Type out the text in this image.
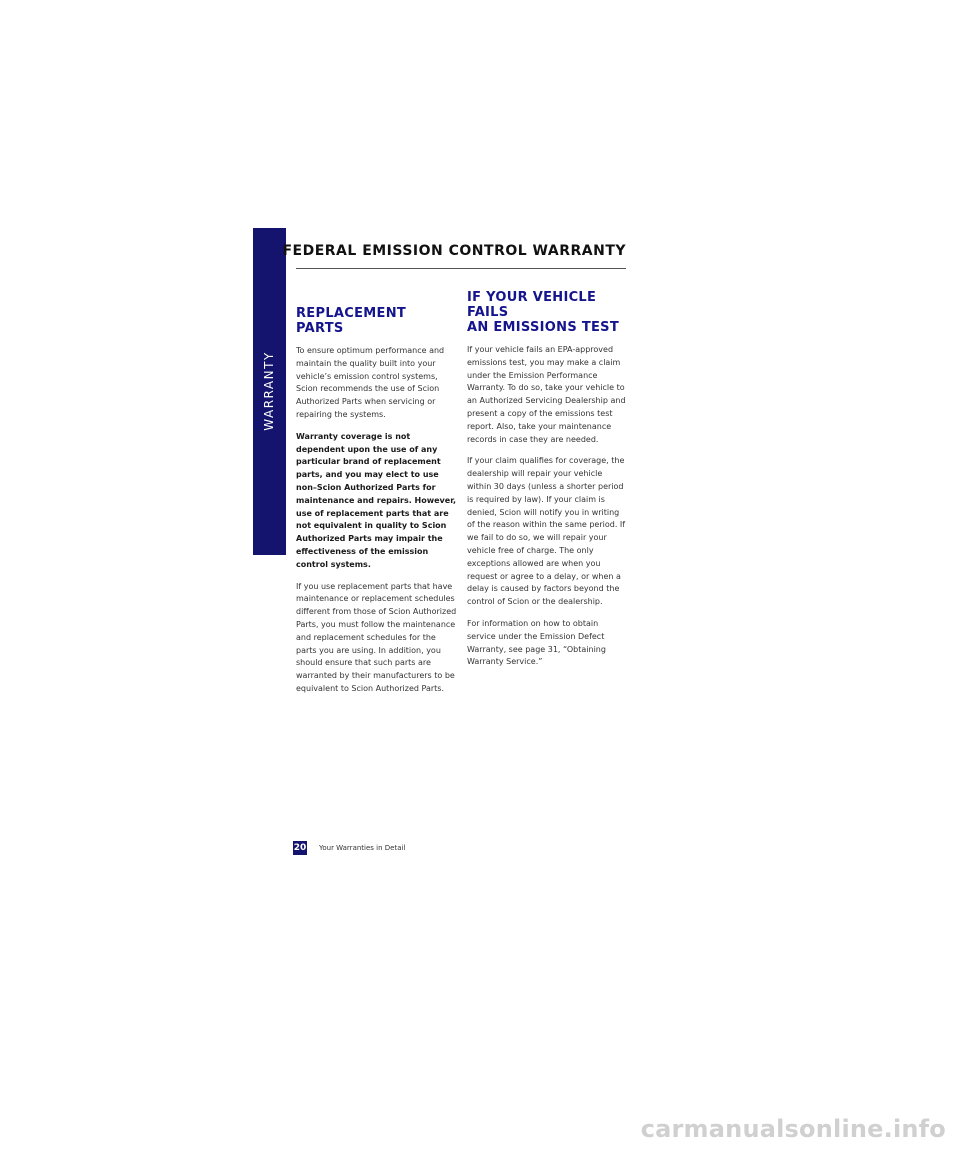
WARRANTY
FEDERAL EMISSION CONTROL WARRANTY
REPLACEMENT PARTS

To ensure optimum performance and maintain the quality built into your vehicle’s emission control systems, Scion recommends the use of Scion Authorized Parts when servicing or repairing the systems.

Warranty coverage is not dependent upon the use of any particular brand of replacement parts, and you may elect to use non–Scion Authorized Parts for maintenance and repairs. However, use of replacement parts that are not equivalent in quality to Scion Authorized Parts may impair the effectiveness of the emission control systems.

If you use replacement parts that have maintenance or replacement schedules different from those of Scion Authorized Parts, you must follow the maintenance and replacement schedules for the parts you are using. In addition, you should ensure that such parts are warranted by their manufacturers to be equivalent to Scion Authorized Parts.

IF YOUR VEHICLE FAILS
AN EMISSIONS TEST

If your vehicle fails an EPA-approved emissions test, you may make a claim under the Emission Performance Warranty. To do so, take your vehicle to an Authorized Servicing Dealership and present a copy of the emissions test report. Also, take your maintenance records in case they are needed.

If your claim qualifies for coverage, the dealership will repair your vehicle within 30 days (unless a shorter period is required by law). If your claim is denied, Scion will notify you in writing of the reason within the same period. If we fail to do so, we will repair your vehicle free of charge. The only exceptions allowed are when you request or agree to a delay, or when a delay is caused by factors beyond the control of Scion or the dealership.

For information on how to obtain service under the Emission Defect Warranty, see page 31, “Obtaining Warranty Service.”

20 Your Warranties in Detail
carmanualsonline.info
